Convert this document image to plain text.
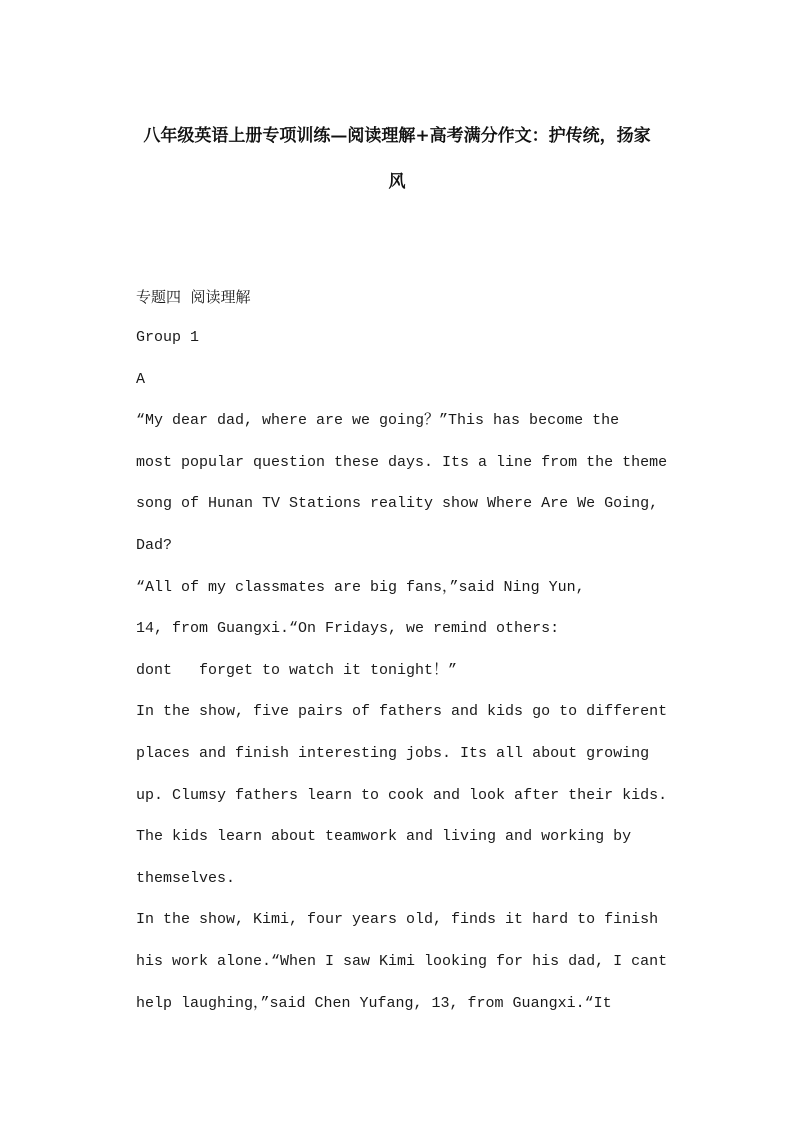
八年级英语上册专项训练—阅读理解+高考满分作文：护传统，扬家
风

专题四  阅读理解

Group 1

A

“My dear dad, where are we going？”This has become the

most popular question these days. Its a line from the theme

song of Hunan TV Stations reality show Where Are We Going,

Dad?

“All of my classmates are big fans，”said Ning Yun,

14, from Guangxi.“On Fridays, we remind others:

dont   forget to watch it tonight！”

In the show, five pairs of fathers and kids go to different

places and finish interesting jobs. Its all about growing

up. Clumsy fathers learn to cook and look after their kids.

The kids learn about teamwork and living and working by

themselves.

In the show, Kimi, four years old, finds it hard to finish

his work alone.“When I saw Kimi looking for his dad, I cant

help laughing，”said Chen Yufang, 13, from Guangxi.“It
